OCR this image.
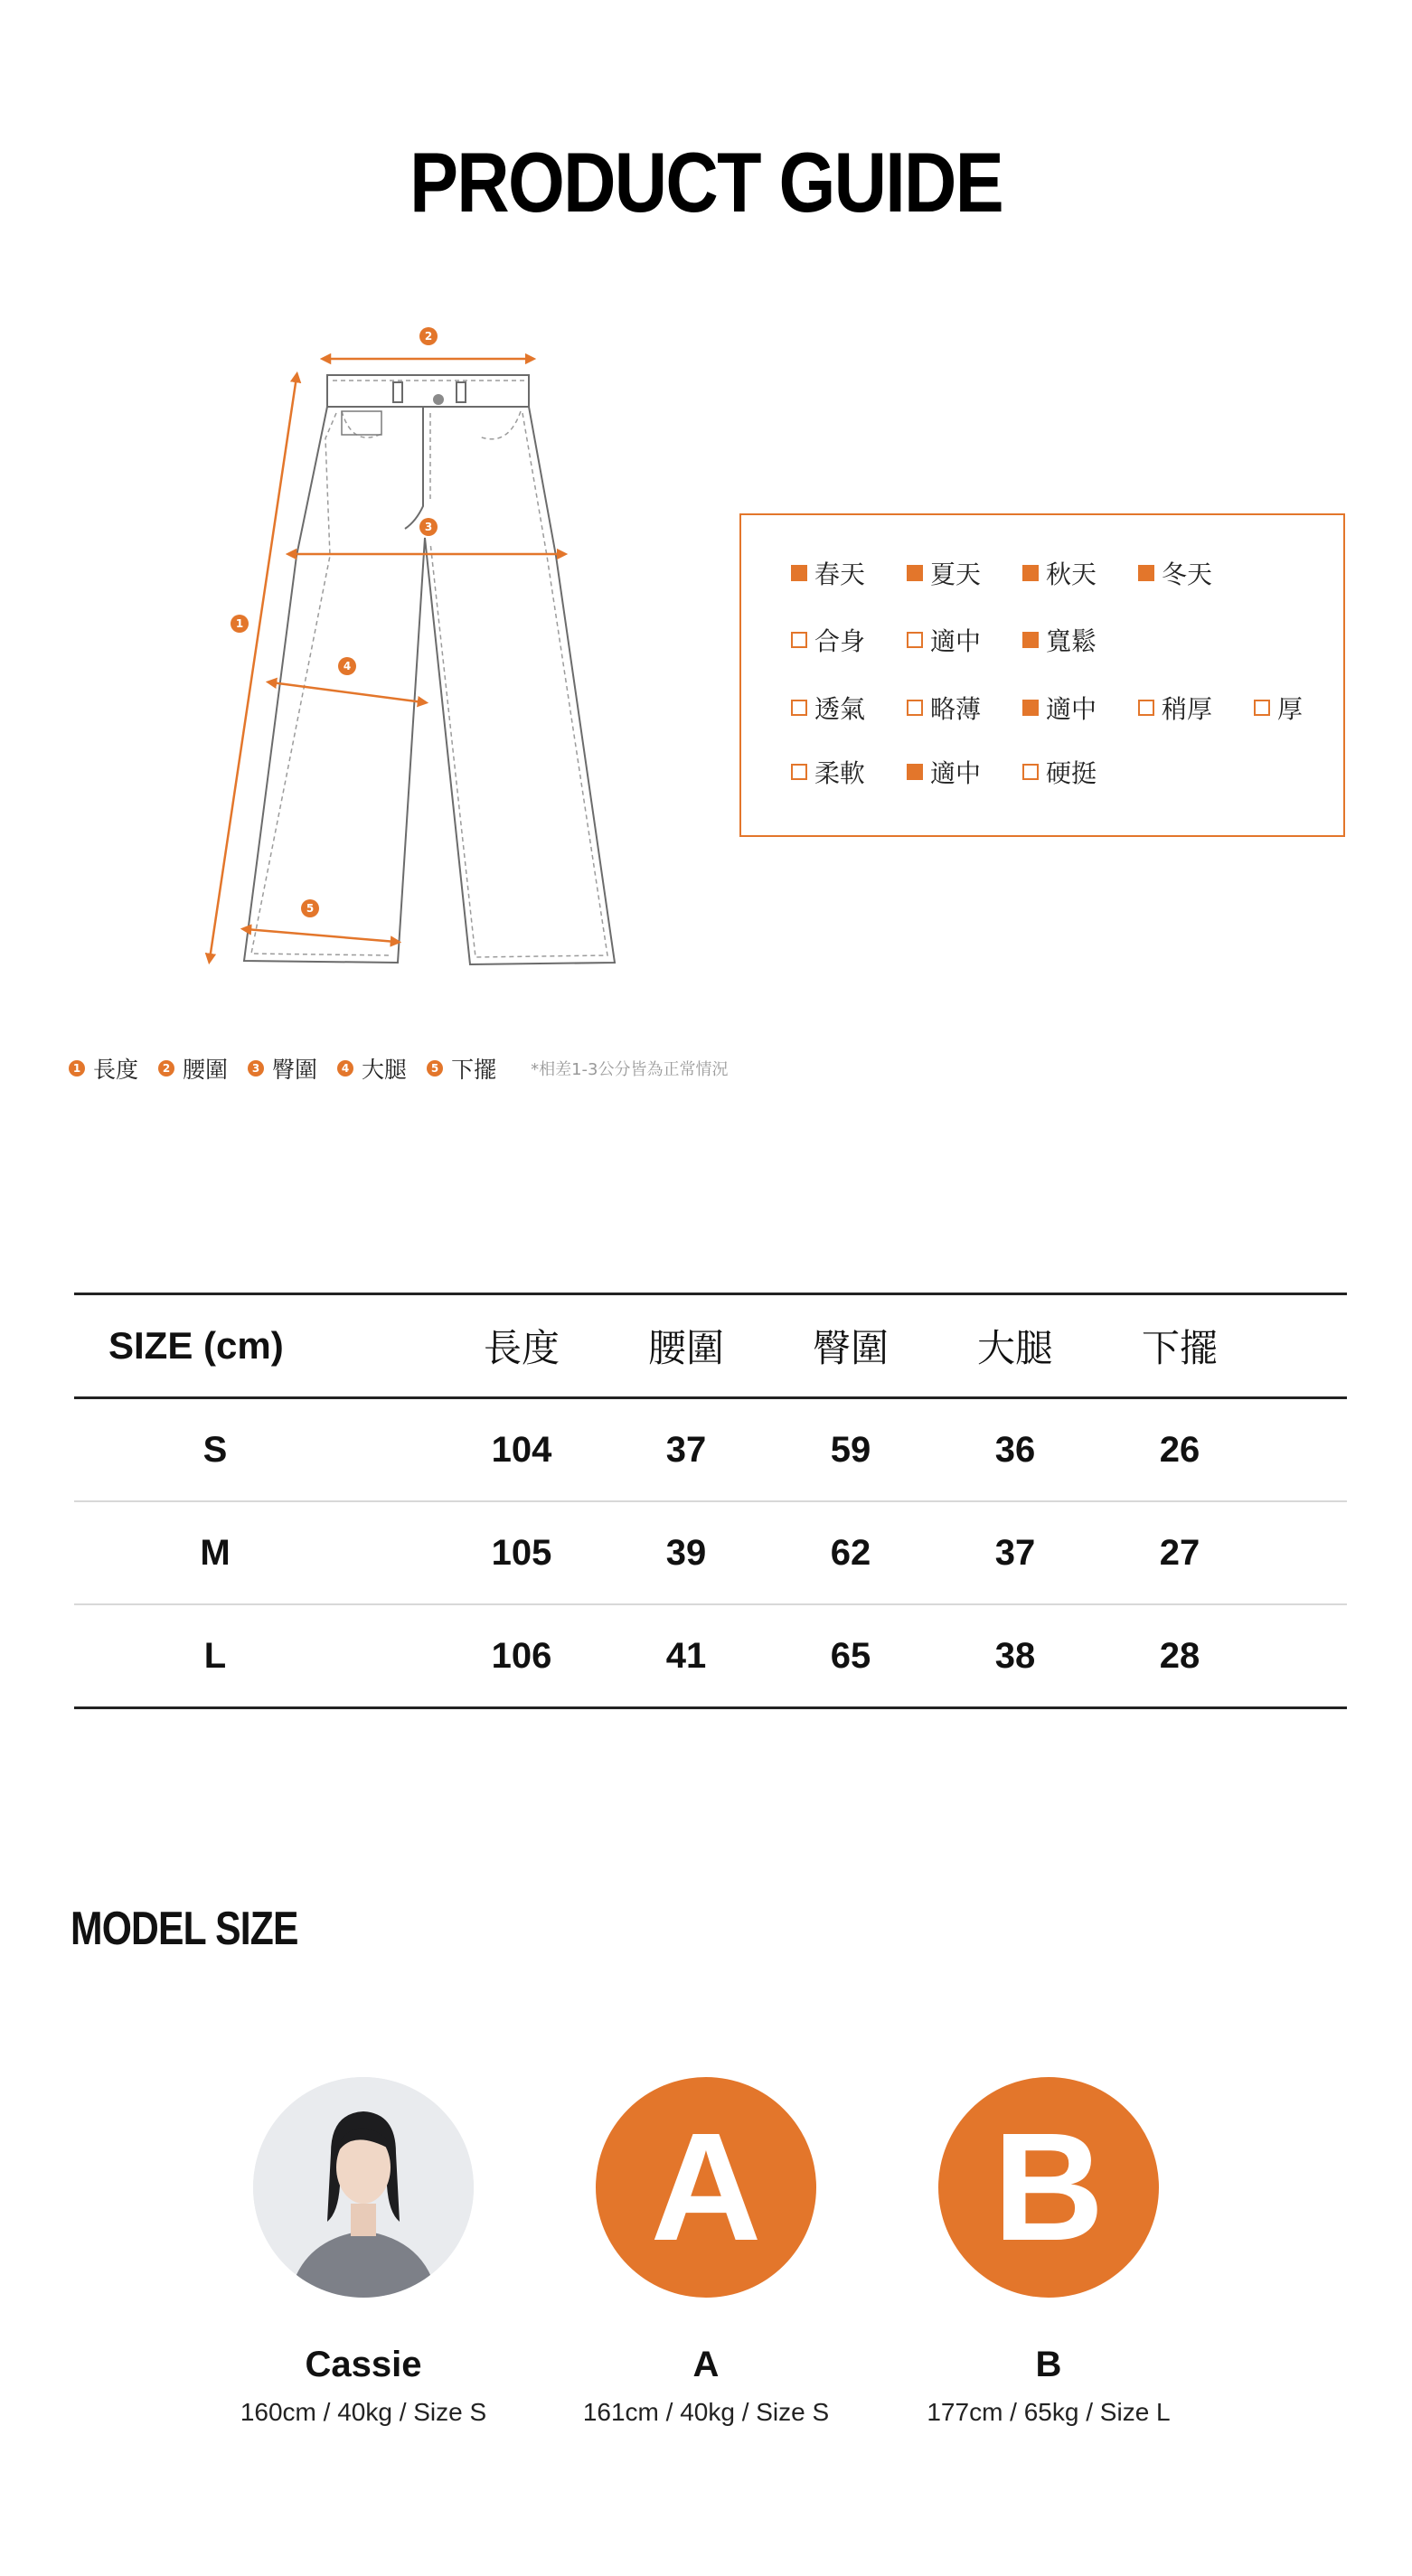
PRODUCT GUIDE
1
2
3
4
5
春天	夏天	秋天	冬天
合身	適中	寬鬆
透氣	略薄	適中	稍厚	厚
柔軟	適中	硬挺
1 長度	2 腰圍	3 臀圍	4 大腿	5 下擺 *相差1-3公分皆為正常情況
SIZE (cm)	長度	腰圍	臀圍	大腿	下擺
S	104	37	59	36	26
M	105	39	62	37	27
L	106	41	65	38	28
MODEL SIZE
Cassie
160cm / 40kg / Size S
A
A
161cm / 40kg / Size S
B
B
177cm / 65kg / Size L
